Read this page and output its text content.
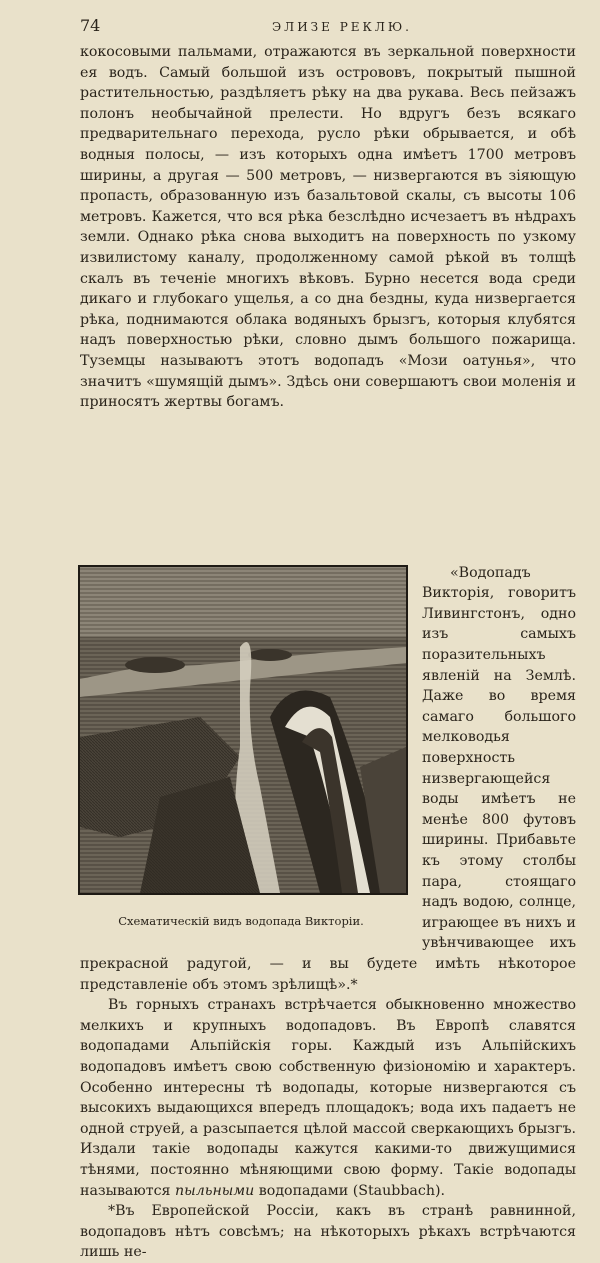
74	ЭЛИЗЕ РЕКЛЮ.

кокосовыми пальмами, отражаются въ зеркальной поверхности ея водъ. Самый большой изъ острововъ, покрытый пышной растительностью, раздѣляетъ рѣку на два рукава. Весь пейзажъ полонъ необычайной прелести. Но вдругъ безъ всякаго предварительнаго перехода, русло рѣки обрывается, и обѣ водныя полосы, — изъ которыхъ одна имѣетъ 1700 метровъ ширины, а другая — 500 метровъ, — низвергаются въ зіяющую пропасть, образованную изъ базальтовой скалы, съ высоты 106 метровъ. Кажется, что вся рѣка безслѣдно исчезаетъ въ нѣдрахъ земли. Однако рѣка снова выходитъ на поверхность по узкому извилистому каналу, продолженному самой рѣкой въ толщѣ скалъ въ теченіе многихъ вѣковъ. Бурно несется вода среди дикаго и глубокаго ущелья, а со дна бездны, куда низвергается рѣка, поднимаются облака водяныхъ брызгъ, которыя клубятся надъ поверхностью рѣки, словно дымъ большого пожарища. Туземцы называютъ этотъ водопадъ «Мози оатунья», что значитъ «шумящій дымъ». Здѣсь они совершаютъ свои моленія и приносятъ жертвы богамъ.

Схематическій видъ водопада Викторіи.

«Водопадъ Викторія, говоритъ Ливингстонъ, одно изъ самыхъ поразительныхъ явленій на Землѣ. Даже во время самаго большого мелководья поверхность низвергающейся воды имѣетъ не менѣе 800 футовъ ширины. Прибавьте къ этому столбы пара, стоящаго надъ водою, солнце, играющее въ нихъ и увѣнчивающее ихъ прекрасной радугой, — и вы будете имѣть нѣкоторое представленіе объ этомъ зрѣлищѣ».*

Въ горныхъ странахъ встрѣчается обыкновенно множество мелкихъ и крупныхъ водопадовъ. Въ Европѣ славятся водопадами Альпійскія горы. Каждый изъ Альпійскихъ водопадовъ имѣетъ свою собственную физіономію и характеръ. Особенно интересны тѣ водопады, которые низвергаются съ высокихъ выдающихся впередъ площадокъ; вода ихъ падаетъ не одной струей, а разсыпается цѣлой массой сверкающихъ брызгъ. Издали такіе водопады кажутся какими-то движущимися тѣнями, постоянно мѣняющими свою форму. Такіе водопады называются пыльными водопадами (Staubbach).

*Въ Европейской Россіи, какъ въ странѣ равнинной, водопадовъ нѣтъ совсѣмъ; на нѣкоторыхъ рѣкахъ встрѣчаются лишь не-
